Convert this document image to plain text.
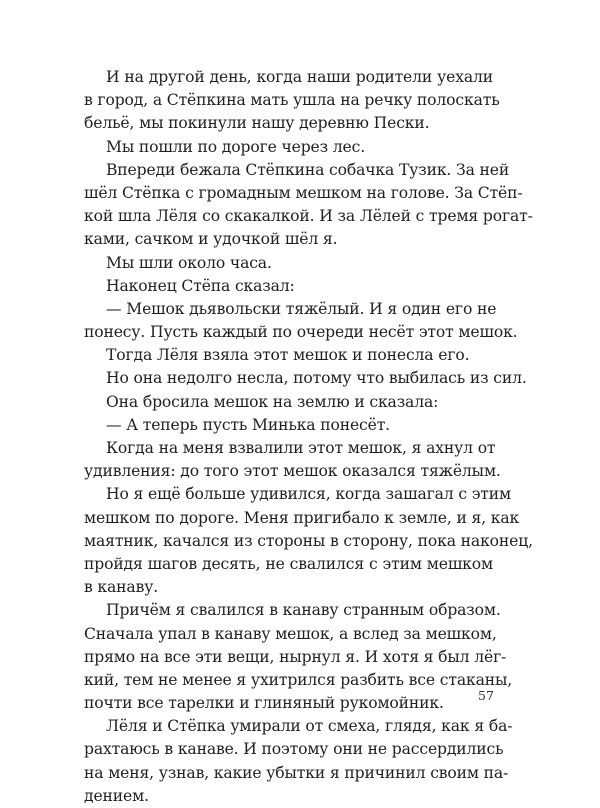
И на другой день, когда наши родители уехали
в город, а Стёпкина мать ушла на речку полоскать
бельё, мы покинули нашу деревню Пески.
Мы пошли по дороге через лес.
Впереди бежала Стёпкина собачка Тузик. За ней
шёл Стёпка с громадным мешком на голове. За Стёп-
кой шла Лёля со скакалкой. И за Лёлей с тремя рогат-
ками, сачком и удочкой шёл я.
Мы шли около часа.
Наконец Стёпа сказал:
— Мешок дьявольски тяжёлый. И я один его не
понесу. Пусть каждый по очереди несёт этот мешок.
Тогда Лёля взяла этот мешок и понесла его.
Но она недолго несла, потому что выбилась из сил.
Она бросила мешок на землю и сказала:
— А теперь пусть Минька понесёт.
Когда на меня взвалили этот мешок, я ахнул от
удивления: до того этот мешок оказался тяжёлым.
Но я ещё больше удивился, когда зашагал с этим
мешком по дороге. Меня пригибало к земле, и я, как
маятник, качался из стороны в сторону, пока наконец,
пройдя шагов десять, не свалился с этим мешком
в канаву.
Причём я свалился в канаву странным образом.
Сначала упал в канаву мешок, а вслед за мешком,
прямо на все эти вещи, нырнул я. И хотя я был лёг-
кий, тем не менее я ухитрился разбить все стаканы,
почти все тарелки и глиняный рукомойник.
Лёля и Стёпка умирали от смеха, глядя, как я ба-
рахтаюсь в канаве. И поэтому они не рассердились
на меня, узнав, какие убытки я причинил своим па-
дением.
57
